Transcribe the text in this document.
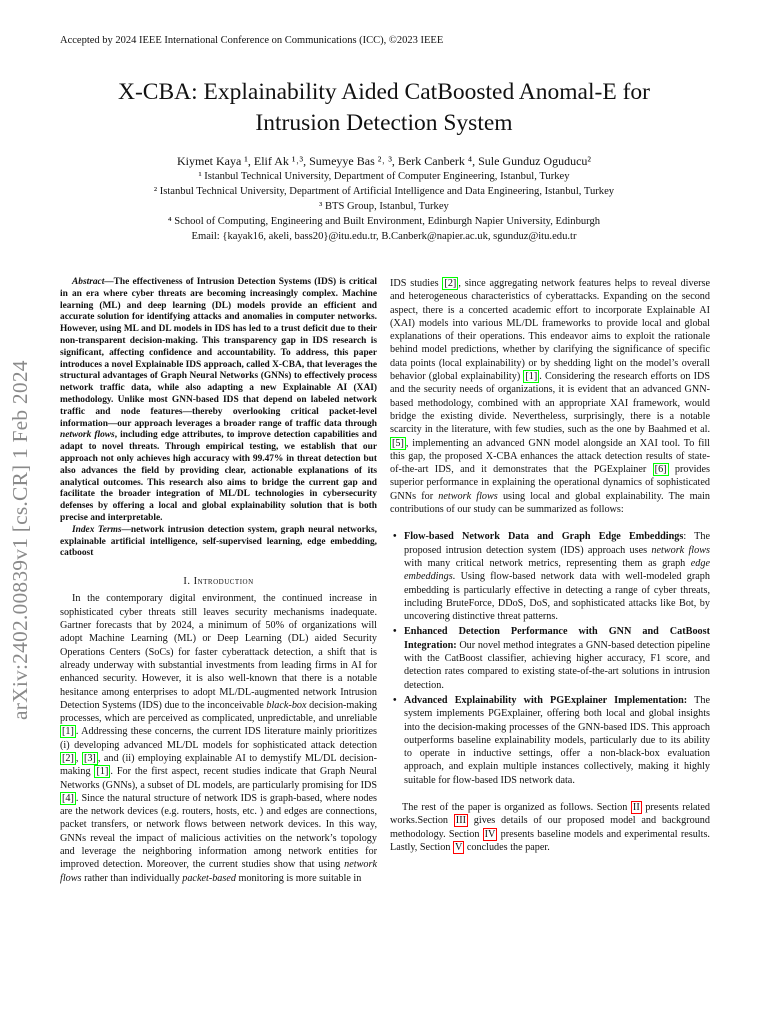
Accepted by 2024 IEEE International Conference on Communications (ICC), ©2023 IEEE
X-CBA: Explainability Aided CatBoosted Anomal-E for
Intrusion Detection System
Kiymet Kaya ¹, Elif Ak ¹˒³, Sumeyye Bas ²˒ ³, Berk Canberk ⁴, Sule Gunduz Oguducu²
¹ Istanbul Technical University, Department of Computer Engineering, Istanbul, Turkey
² Istanbul Technical University, Department of Artificial Intelligence and Data Engineering, Istanbul, Turkey
³ BTS Group, Istanbul, Turkey
⁴ School of Computing, Engineering and Built Environment, Edinburgh Napier University, Edinburgh
Email: {kayak16, akeli, bass20}@itu.edu.tr, B.Canberk@napier.ac.uk, sgunduz@itu.edu.tr
arXiv:2402.00839v1 [cs.CR] 1 Feb 2024

Abstract—The effectiveness of Intrusion Detection Systems (IDS) is critical in an era where cyber threats are becoming increasingly complex. Machine learning (ML) and deep learning (DL) models provide an efficient and accurate solution for identifying attacks and anomalies in computer networks. However, using ML and DL models in IDS has led to a trust deficit due to their non-transparent decision-making. This transparency gap in IDS research is significant, affecting confidence and accountability. To address, this paper introduces a novel Explainable IDS approach, called X-CBA, that leverages the structural advantages of Graph Neural Networks (GNNs) to effectively process network traffic data, while also adapting a new Explainable AI (XAI) methodology. Unlike most GNN-based IDS that depend on labeled network traffic and node features—thereby overlooking critical packet-level information—our approach leverages a broader range of traffic data through network flows, including edge attributes, to improve detection capabilities and adapt to novel threats. Through empirical testing, we establish that our approach not only achieves high accuracy with 99.47% in threat detection but also advances the field by providing clear, actionable explanations of its analytical outcomes. This research also aims to bridge the current gap and facilitate the broader integration of ML/DL technologies in cybersecurity defenses by offering a local and global explainability solution that is both precise and interpretable.

Index Terms—network intrusion detection system, graph neural networks, explainable artificial intelligence, self-supervised learning, edge embedding, catboost

I. Introduction

In the contemporary digital environment, the continued increase in sophisticated cyber threats still leaves security mechanisms inadequate. Gartner forecasts that by 2024, a minimum of 50% of organizations will adopt Machine Learning (ML) or Deep Learning (DL) aided Security Operations Centers (SoCs) for faster cyberattack detection, a shift that is already underway with substantial investments from leading firms in AI for enhanced security. However, it is also well-known that there is a notable hesitance among enterprises to adopt ML/DL-augmented network Intrusion Detection Systems (IDS) due to the inconceivable black-box decision-making processes, which are perceived as complicated, unpredictable, and unreliable [1] . Addressing these concerns, the current IDS literature mainly prioritizes (i) developing advanced ML/DL models for sophisticated attack detection [2] , [3] , and (ii) employing explainable AI to demystify ML/DL decision-making [1] . For the first aspect, recent studies indicate that Graph Neural Networks (GNNs), a subset of DL models, are particularly promising for IDS [4] . Since the natural structure of network IDS is graph-based, where nodes are the network devices (e.g. routers, hosts, etc. ) and edges are connections, packet transfers, or network flows between network devices. In this way, GNNs reveal the impact of malicious activities on the network’s topology and leverage the neighboring information among network entities for improved detection. Moreover, the current studies show that using network flows rather than individually packet-based monitoring is more suitable in

IDS studies [2] , since aggregating network features helps to reveal diverse and heterogeneous characteristics of cyberattacks. Expanding on the second aspect, there is a concerted academic effort to incorporate Explainable AI (XAI) models into various ML/DL frameworks to provide local and global explanations of their operations. This endeavor aims to exploit the rationale behind model predictions, whether by clarifying the significance of specific data points (local explainability) or by shedding light on the model’s overall behavior (global explainability) [1] . Considering the research efforts on IDS and the security needs of organizations, it is evident that an advanced GNN-based methodology, combined with an appropriate XAI framework, would bridge the existing divide. Nevertheless, surprisingly, there is a notable scarcity in the literature, with few studies, such as the one by Baahmed et al. [5] , implementing an advanced GNN model alongside an XAI tool. To fill this gap, the proposed X-CBA enhances the attack detection results of state-of-the-art IDS, and it demonstrates that the PGExplainer [6] provides superior performance in explaining the operational dynamics of sophisticated GNNs for network flows using local and global explainability. The main contributions of our study can be summarized as follows:

• Flow-based Network Data and Graph Edge Embeddings: The proposed intrusion detection system (IDS) approach uses network flows with many critical network metrics, representing them as graph edge embeddings. Using flow-based network data with well-modeled graph embedding is particularly effective in detecting a range of cyber threats, including BruteForce, DDoS, DoS, and sophisticated attacks like Bot, by uncovering distinctive threat patterns.
• Enhanced Detection Performance with GNN and CatBoost Integration: Our novel method integrates a GNN-based detection pipeline with the CatBoost classifier, achieving higher accuracy, F1 score, and detection rates compared to existing state-of-the-art solutions in intrusion detection.
• Advanced Explainability with PGExplainer Implementation: The system implements PGExplainer, offering both local and global insights into the decision-making processes of the GNN-based IDS. This approach outperforms baseline explainability models, particularly due to its ability to operate in inductive settings, offer a non-black-box evaluation approach, and explain multiple instances collectively, making it highly suitable for flow-based IDS network data.

The rest of the paper is organized as follows. Section II presents related works.Section III gives details of our proposed model and background methodology. Section IV presents baseline models and experimental results. Lastly, Section V concludes the paper.
